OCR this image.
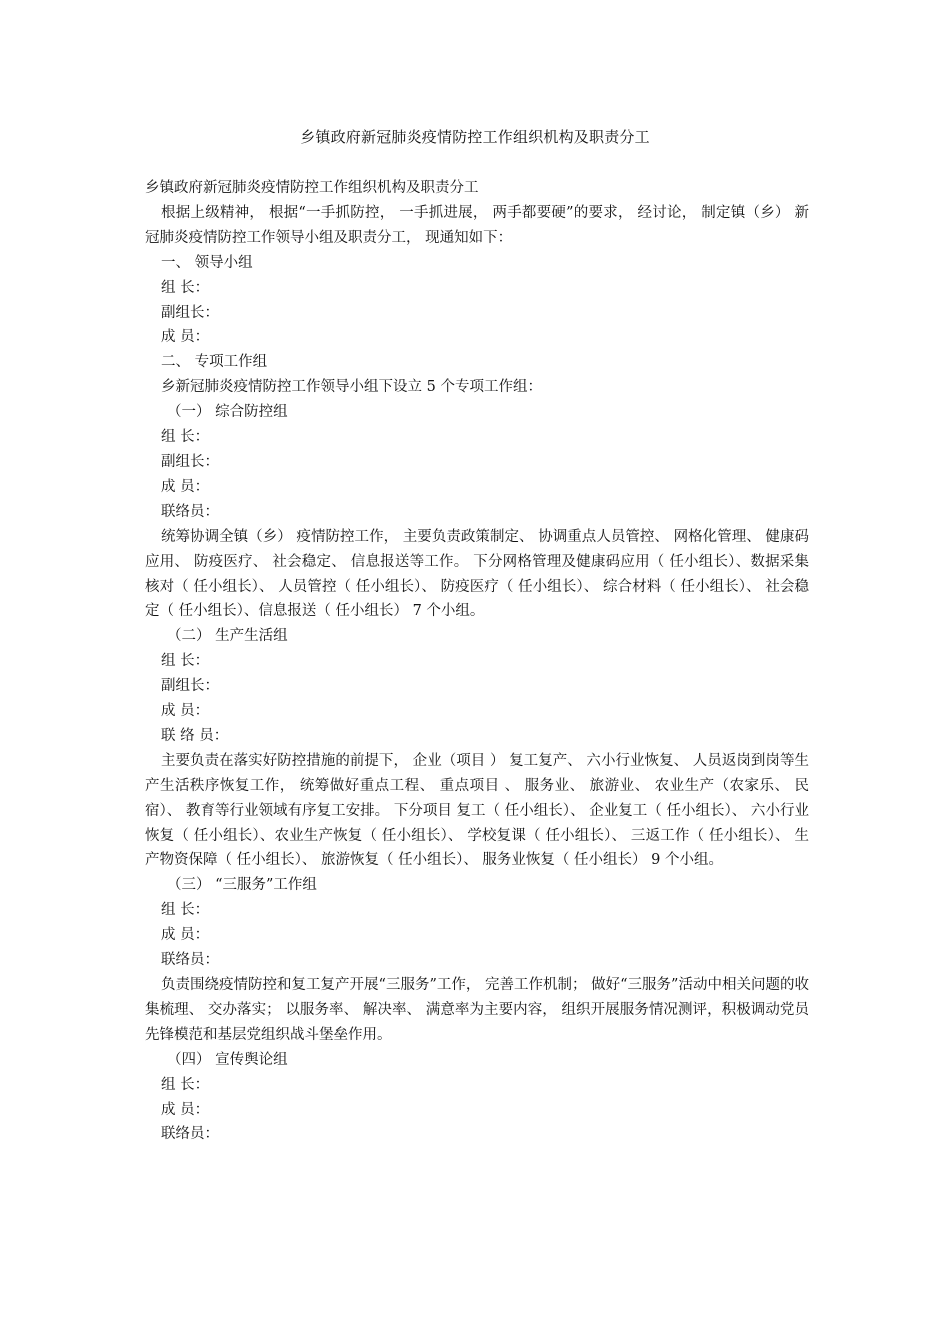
乡镇政府新冠肺炎疫情防控工作组织机构及职责分工

乡镇政府新冠肺炎疫情防控工作组织机构及职责分工

根据上级精神， 根据“一手抓防控， 一手抓进展， 两手都要硬”的要求， 经讨论， 制定镇（乡） 新冠肺炎疫情防控工作领导小组及职责分工， 现通知如下：

一、 领导小组

组 长：

副组长：

成 员：

二、 专项工作组

乡新冠肺炎疫情防控工作领导小组下设立 5 个专项工作组：

（一） 综合防控组

组 长：

副组长：

成 员：

联络员：

统筹协调全镇（乡） 疫情防控工作， 主要负责政策制定、 协调重点人员管控、 网格化管理、 健康码应用、 防疫医疗、 社会稳定、 信息报送等工作。 下分网格管理及健康码应用（ 任小组长）、数据采集核对（ 任小组长）、 人员管控（ 任小组长）、 防疫医疗（ 任小组长）、 综合材料（ 任小组长）、 社会稳定（ 任小组长）、信息报送（ 任小组长） 7 个小组。

（二） 生产生活组

组 长：

副组长：

成 员：

联 络 员：

主要负责在落实好防控措施的前提下， 企业（项目 ） 复工复产、 六小行业恢复、 人员返岗到岗等生产生活秩序恢复工作， 统筹做好重点工程、 重点项目 、 服务业、 旅游业、 农业生产（农家乐、 民宿）、 教育等行业领域有序复工安排。 下分项目 复工（ 任小组长）、 企业复工（ 任小组长）、 六小行业恢复（ 任小组长）、农业生产恢复（ 任小组长）、 学校复课（ 任小组长）、 三返工作（ 任小组长）、 生产物资保障（ 任小组长）、 旅游恢复（ 任小组长）、 服务业恢复（ 任小组长） 9 个小组。

（三） “三服务”工作组

组 长：

成 员：

联络员：

负责围绕疫情防控和复工复产开展“三服务”工作， 完善工作机制； 做好“三服务”活动中相关问题的收集梳理、 交办落实； 以服务率、 解决率、 满意率为主要内容， 组织开展服务情况测评，积极调动党员先锋模范和基层党组织战斗堡垒作用。

（四） 宣传舆论组

组 长：

成 员：

联络员：
